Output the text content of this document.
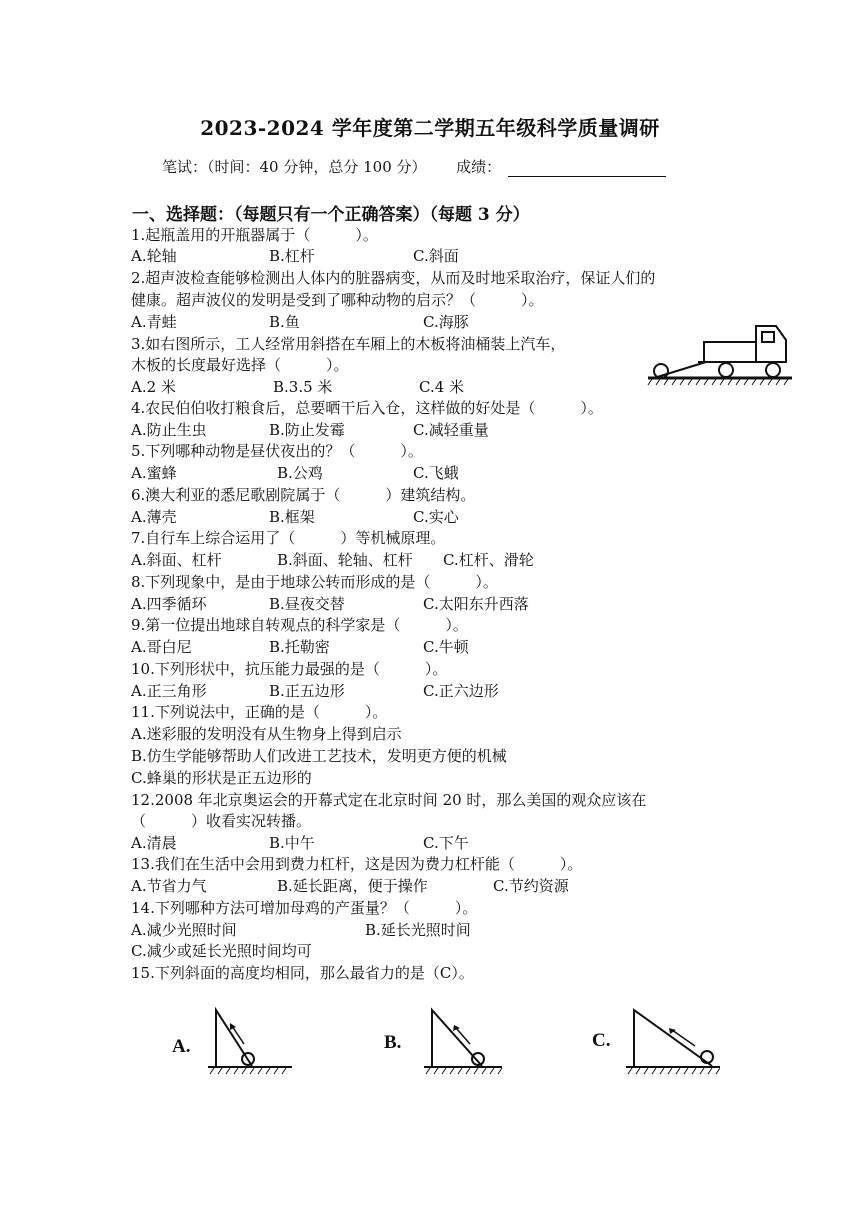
2023-2024 学年度第二学期五年级科学质量调研
笔试：（时间：40 分钟，总分 100 分） 成绩：
一、选择题：（每题只有一个正确答案）（每题 3 分）
1.起瓶盖用的开瓶器属于（　　　）。
A.轮轴	B.杠杆	C.斜面
2.超声波检查能够检测出人体内的脏器病变，从而及时地采取治疗，保证人们的
健康。超声波仪的发明是受到了哪种动物的启示？（　　　）。
A.青蛙	B.鱼	C.海豚
3.如右图所示，工人经常用斜搭在车厢上的木板将油桶装上汽车，
木板的长度最好选择（　　　）。
A.2 米	B.3.5 米	C.4 米
4.农民伯伯收打粮食后，总要晒干后入仓，这样做的好处是（　　　）。
A.防止生虫	B.防止发霉	C.减轻重量
5.下列哪种动物是昼伏夜出的？（　　　）。
A.蜜蜂	B.公鸡	C.飞蛾
6.澳大利亚的悉尼歌剧院属于（　　　）建筑结构。
A.薄壳	B.框架	C.实心
7.自行车上综合运用了（　　　）等机械原理。
A.斜面、杠杆	B.斜面、轮轴、杠杆 C.杠杆、滑轮
8.下列现象中，是由于地球公转而形成的是（　　　）。
A.四季循环	B.昼夜交替	C.太阳东升西落
9.第一位提出地球自转观点的科学家是（　　　）。
A.哥白尼	B.托勒密	C.牛顿
10.下列形状中，抗压能力最强的是（　　　）。
A.正三角形	B.正五边形	C.正六边形
11.下列说法中，正确的是（　　　）。
A.迷彩服的发明没有从生物身上得到启示
B.仿生学能够帮助人们改进工艺技术，发明更方便的机械
C.蜂巢的形状是正五边形的
12.2008 年北京奥运会的开幕式定在北京时间 20 时，那么美国的观众应该在
（　　　）收看实况转播。
A.清晨	B.中午	C.下午
13.我们在生活中会用到费力杠杆，这是因为费力杠杆能（　　　）。
A.节省力气	B.延长距离，便于操作	C.节约资源
14.下列哪种方法可增加母鸡的产蛋量？（　　　）。
A.减少光照时间	B.延长光照时间
C.减少或延长光照时间均可
15.下列斜面的高度均相同，那么最省力的是（C）。
A.	B.	C.
